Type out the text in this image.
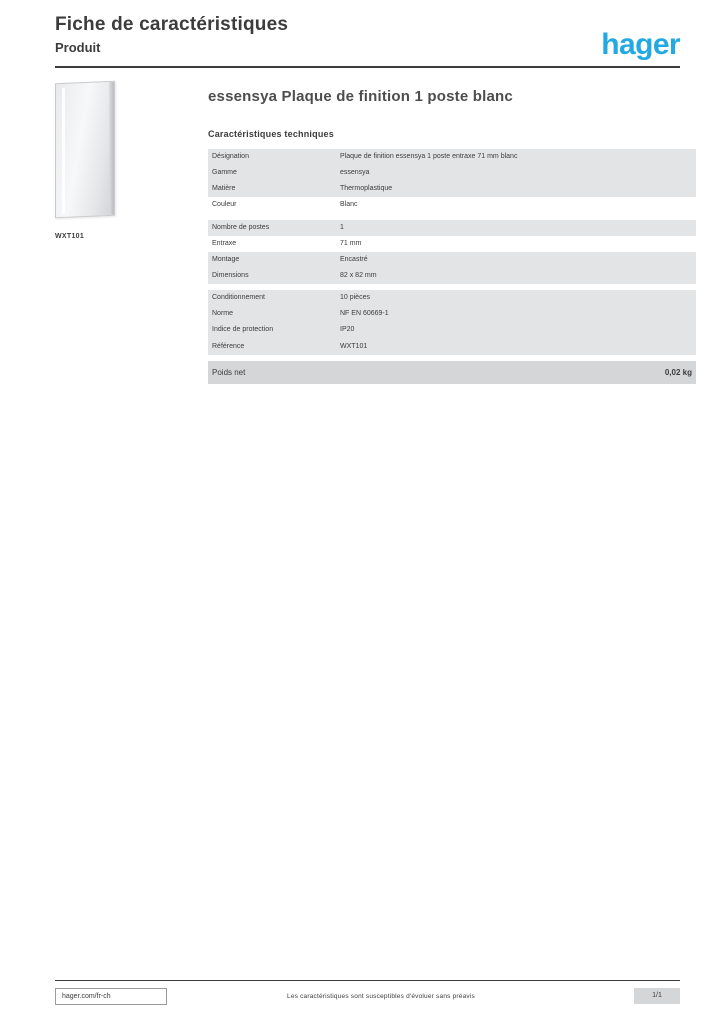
Fiche de caractéristiques
Produit	hager
WXT101
essensya Plaque de finition 1 poste blanc
Caractéristiques techniques
Désignation	Plaque de finition essensya 1 poste entraxe 71 mm blanc
Gamme	essensya
Matière	Thermoplastique
Couleur	Blanc

Nombre de postes	1
Entraxe	71 mm
Montage	Encastré
Dimensions	82 x 82 mm

Conditionnement	10 pièces
Norme	NF EN 60669-1
Indice de protection	IP20
Référence	WXT101

Poids net	0,02 kg
hager.com/fr-ch	Les caractéristiques sont susceptibles d'évoluer sans préavis	1/1
